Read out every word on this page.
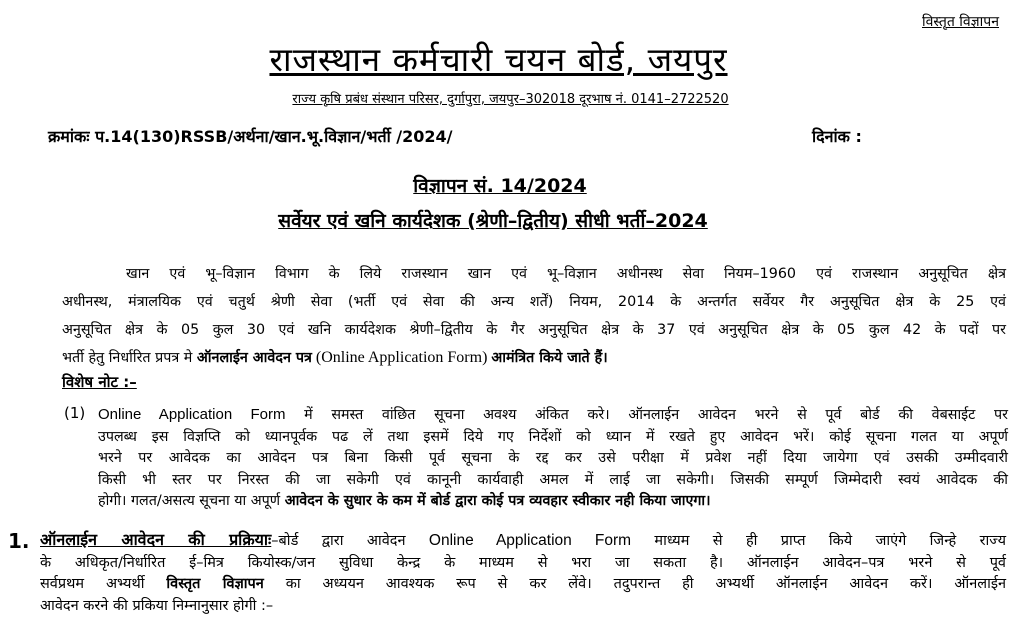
विस्तृत विज्ञापन
राजस्थान कर्मचारी चयन बोर्ड, जयपुर
राज्य कृषि प्रबंध संस्थान परिसर, दुर्गापुरा, जयपुर–302018 दूरभाष नं. 0141–2722520
क्रमांकः प.14(130)RSSB/अर्थना/खान.भू.विज्ञान/भर्ती /2024/	दिनांक :
विज्ञापन सं. 14/2024
सर्वेयर एवं खनि कार्यदेशक (श्रेणी–द्वितीय) सीधी भर्ती–2024
खान एवं भू–विज्ञान विभाग के लिये राजस्थान खान एवं भू–विज्ञान अधीनस्थ सेवा नियम–1960 एवं राजस्थान अनुसूचित क्षेत्र
अधीनस्थ, मंत्रालयिक एवं चतुर्थ श्रेणी सेवा (भर्ती एवं सेवा की अन्य शर्तें) नियम, 2014 के अन्तर्गत सर्वेयर गैर अनुसूचित क्षेत्र के 25 एवं
अनुसूचित क्षेत्र के 05 कुल 30 एवं खनि कार्यदेशक श्रेणी–द्वितीय के गैर अनुसूचित क्षेत्र के 37 एवं अनुसूचित क्षेत्र के 05 कुल 42 के पदों पर
भर्ती हेतु निर्धारित प्रपत्र मे ऑनलाईन आवेदन पत्र (Online Application Form) आमंत्रित किये जाते हैं।
विशेष नोट :–
(1) Online Application Form में समस्त वांछित सूचना अवश्य अंकित करे। ऑनलाईन आवेदन भरने से पूर्व बोर्ड की वेबसाईट पर
उपलब्ध इस विज्ञप्ति को ध्यानपूर्वक पढ लें तथा इसमें दिये गए निर्देशों को ध्यान में रखते हुए आवेदन भरें। कोई सूचना गलत या अपूर्ण
भरने पर आवेदक का आवेदन पत्र बिना किसी पूर्व सूचना के रद्द कर उसे परीक्षा में प्रवेश नहीं दिया जायेगा एवं उसकी उम्मीदवारी
किसी भी स्तर पर निरस्त की जा सकेगी एवं कानूनी कार्यवाही अमल में लाई जा सकेगी। जिसकी सम्पूर्ण जिम्मेदारी स्वयं आवेदक की
होगी। गलत/असत्य सूचना या अपूर्ण आवेदन के सुधार के कम में बोर्ड द्वारा कोई पत्र व्यवहार स्वीकार नही किया जाएगा।
1. ऑनलाईन आवेदन की प्रक्रियाः–बोर्ड द्वारा आवेदन Online Application Form माध्यम से ही प्राप्त किये जाएंगे जिन्हे राज्य
के अधिकृत/निर्धारित ई–मित्र कियोस्क/जन सुविधा केन्द्र के माध्यम से भरा जा सकता है। ऑनलाईन आवेदन–पत्र भरने से पूर्व
सर्वप्रथम अभ्यर्थी विस्तृत विज्ञापन का अध्ययन आवश्यक रूप से कर लेंवे। तदुपरान्त ही अभ्यर्थी ऑनलाईन आवेदन करें। ऑनलाईन
आवेदन करने की प्रकिया निम्नानुसार होगी :–
